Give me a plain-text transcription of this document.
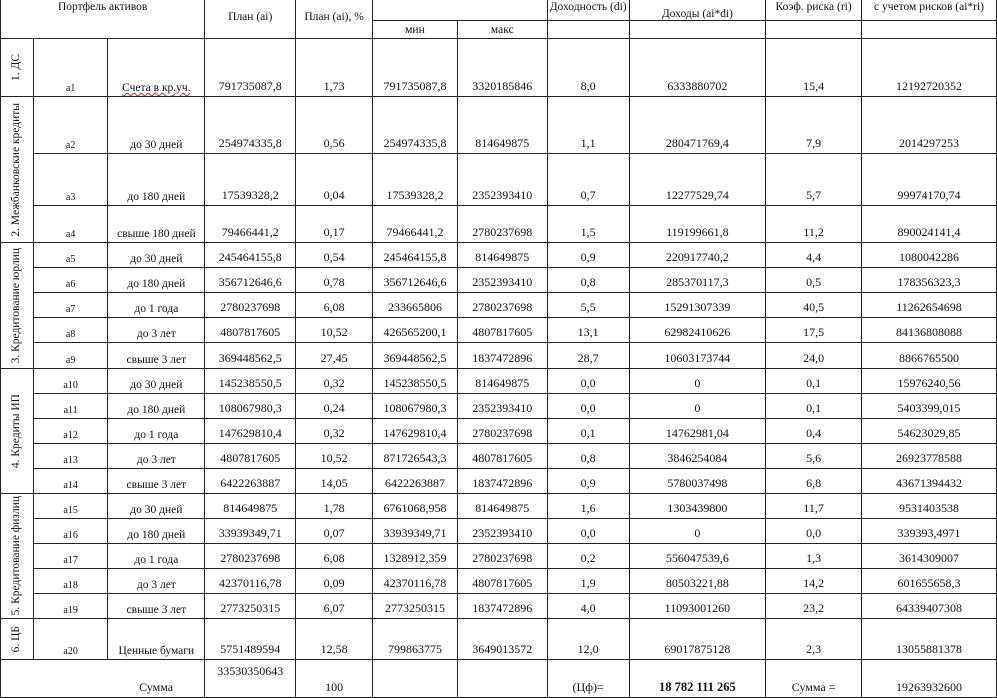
Портфель активов			План (ai)	План (ai), %			Доходность (di)	Доходы (ai*di)	Коэф. риска (ri)	с учетом рисков (ai*ri)
					мин	макс				

1. ДС	a1	Счета в кр.уч.	791735087,8	1,73	791735087,8	3320185846	8,0	6333880702	15,4	12192720352

2. Межбанковские кредиты	a2	до 30 дней	254974335,8	0,56	254974335,8	814649875	1,1	280471769,4	7,9	2014297253
	a3	до 180 дней	17539328,2	0,04	17539328,2	2352393410	0,7	12277529,74	5,7	99974170,74
	a4	свыше 180 дней	79466441,2	0,17	79466441,2	2780237698	1,5	119199661,8	11,2	890024141,4

3. Кредитование юрлиц	a5	до 30 дней	245464155,8	0,54	245464155,8	814649875	0,9	220917740,2	4,4	1080042286
	a6	до 180 дней	356712646,6	0,78	356712646,6	2352393410	0,8	285370117,3	0,5	178356323,3
	a7	до 1 года	2780237698	6,08	233665806	2780237698	5,5	15291307339	40,5	11262654698
	a8	до 3 лет	4807817605	10,52	426565200,1	4807817605	13,1	62982410626	17,5	84136808088
	a9	свыше 3 лет	369448562,5	27,45	369448562,5	1837472896	28,7	10603173744	24,0	8866765500

4. Кредиты ИП	a10	до 30 дней	145238550,5	0,32	145238550,5	814649875	0,0	0	0,1	15976240,56
	a11	до 180 дней	108067980,3	0,24	108067980,3	2352393410	0,0	0	0,1	5403399,015
	a12	до 1 года	147629810,4	0,32	147629810,4	2780237698	0,1	14762981,04	0,4	54623029,85
	a13	до 3 лет	4807817605	10,52	871726543,3	4807817605	0,8	3846254084	5,6	26923778588
	a14	свыше 3 лет	6422263887	14,05	6422263887	1837472896	0,9	5780037498	6,8	43671394432

5. Кредитование физлиц	a15	до 30 дней	814649875	1,78	6761068,958	814649875	1,6	1303439800	11,7	9531403538
	a16	до 180 дней	33939349,71	0,07	33939349,71	2352393410	0,0	0	0,0	339393,4971
	a17	до 1 года	2780237698	6,08	1328912,359	2780237698	0,2	556047539,6	1,3	3614309007
	a18	до 3 лет	42370116,78	0,09	42370116,78	4807817605	1,9	80503221,88	14,2	601655658,3
	a19	свыше 3 лет	2773250315	6,07	2773250315	1837472896	4,0	11093001260	23,2	64339407308

6. ЦБ	a20	Ценные бумаги	5751489594	12,58	799863775	3649013572	12,0	69017875128	2,3	13055881378
		Сумма	33530350643	100			(Цф)=	18 782 111 265	Сумма =	19263932600
